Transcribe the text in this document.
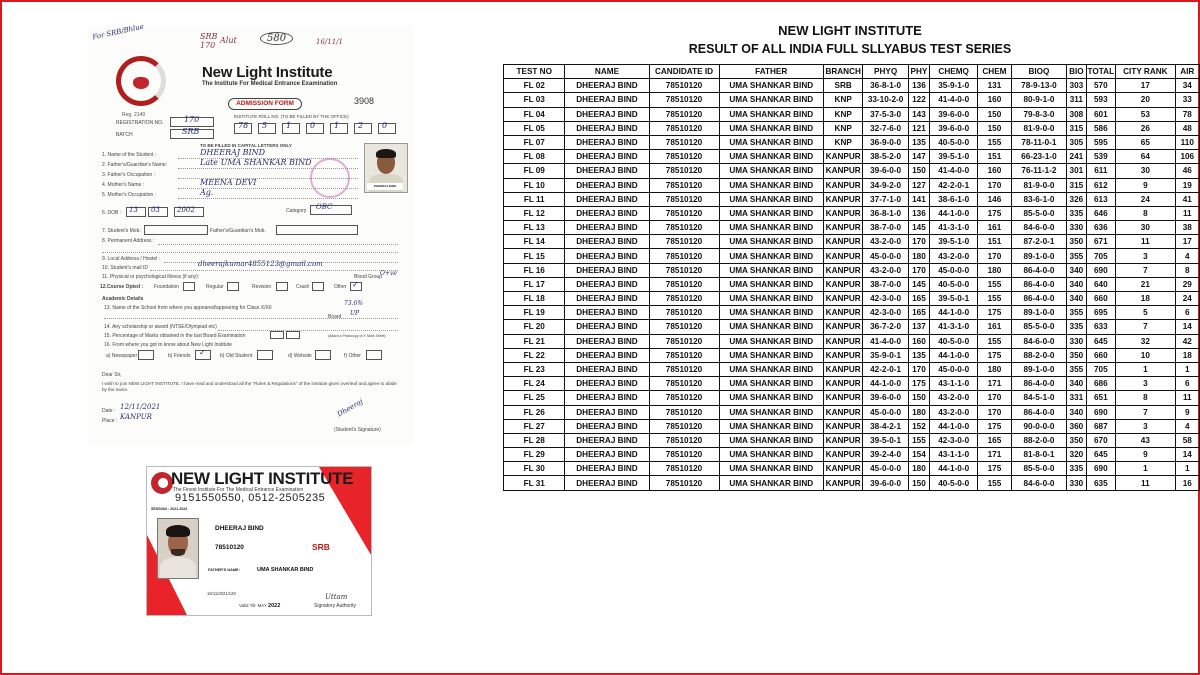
For SRB/Bhlue	SRB
170
Alut	580	16/11/1
Reg. 2149
New Light Institute
The Institute For Medical Entrance Examination
ADMISSION FORM	3908
REGISTRATION NO.	170
BATCH	SRB
INSTITUTE ROLL NO. (TO BE FILLED BY THE OFFICE)
78 5 1 0 1 2 0
TO BE FILLED IN CAPITAL LETTERS ONLY
1. Name of the Student :	DHEERAJ BIND
2. Father's/Guardian's Name:	Late UMA SHANKAR BIND
3. Father's Occupation :
4. Mother's Name :	MEENA DEVI
5. Mother's Occupation :	Ag.
DHEERAJ BIND
6. DOB : 13 03 2002	Category OBC
7. Student's Mob.	Father's/Guardian's Mob.
8. Permanent Address :
9. Local Address / Hostel :
10. Student's mail ID	dheerajkumar4855123@gmail.com
11. Physical or psychological illness (if any):	Blood Group
O+ve
12.Course Opted : Foundation	Regular	Revision	Crash	Other ✓
Academic Details
13. Name of the School from where you appeared/appearing for Class X/XII
73.6%
Board UP
14. Any scholarship or award (NTSE/Olympiad etc)
15. Percentage of Marks obtained in the last Board Examination	(Attach a Photocopy of X' Mark Sheet)
16. From where you got to know about New Light Institute
a) Newspaper	b) Friends ✓	b) Old Student	d) Website	f) Other
Dear Sir,
I wish to join NEW LIGHT INSTITUTE, I have read and understood all the "Rules & Regulations" of the institute given overleaf and agree to abide by the same.
Date : 12/11/2021
Place : KANPUR	Dheeraj
(Student's Signature)
NEW LIGHT INSTITUTE
The Finest Institute For The Medical Entrance Examination
9151550550, 0512-2505235
SESSION : 2021-2022
DHEERAJ BIND
78510120	SRB
FATHER'S NAME:	UMA SHANKAR BIND
16/11/2021/120
Valid Till- MAY 2022
Uttam
Signatory Authority
NEW LIGHT INSTITUTE
RESULT OF ALL INDIA FULL SLLYABUS TEST SERIES
TEST NO	NAME	CANDIDATE ID	FATHER	BRANCH	PHYQ	PHY	CHEMQ	CHEM	BIOQ	BIO	TOTAL	CITY RANK	AIR
FL 02	DHEERAJ BIND	78510120	UMA SHANKAR BIND	SRB	36-8-1-0	136	35-9-1-0	131	78-9-13-0	303	570	17	34
FL 03	DHEERAJ BIND	78510120	UMA SHANKAR BIND	KNP	33-10-2-0	122	41-4-0-0	160	80-9-1-0	311	593	20	33
FL 04	DHEERAJ BIND	78510120	UMA SHANKAR BIND	KNP	37-5-3-0	143	39-6-0-0	150	79-8-3-0	308	601	53	78
FL 05	DHEERAJ BIND	78510120	UMA SHANKAR BIND	KNP	32-7-6-0	121	39-6-0-0	150	81-9-0-0	315	586	26	48
FL 07	DHEERAJ BIND	78510120	UMA SHANKAR BIND	KNP	36-9-0-0	135	40-5-0-0	155	78-11-0-1	305	595	65	110
FL 08	DHEERAJ BIND	78510120	UMA SHANKAR BIND	KANPUR	38-5-2-0	147	39-5-1-0	151	66-23-1-0	241	539	64	106
FL 09	DHEERAJ BIND	78510120	UMA SHANKAR BIND	KANPUR	39-6-0-0	150	41-4-0-0	160	76-11-1-2	301	611	30	46
FL 10	DHEERAJ BIND	78510120	UMA SHANKAR BIND	KANPUR	34-9-2-0	127	42-2-0-1	170	81-9-0-0	315	612	9	19
FL 11	DHEERAJ BIND	78510120	UMA SHANKAR BIND	KANPUR	37-7-1-0	141	38-6-1-0	146	83-6-1-0	326	613	24	41
FL 12	DHEERAJ BIND	78510120	UMA SHANKAR BIND	KANPUR	36-8-1-0	136	44-1-0-0	175	85-5-0-0	335	646	8	11
FL 13	DHEERAJ BIND	78510120	UMA SHANKAR BIND	KANPUR	38-7-0-0	145	41-3-1-0	161	84-6-0-0	330	636	30	38
FL 14	DHEERAJ BIND	78510120	UMA SHANKAR BIND	KANPUR	43-2-0-0	170	39-5-1-0	151	87-2-0-1	350	671	11	17
FL 15	DHEERAJ BIND	78510120	UMA SHANKAR BIND	KANPUR	45-0-0-0	180	43-2-0-0	170	89-1-0-0	355	705	3	4
FL 16	DHEERAJ BIND	78510120	UMA SHANKAR BIND	KANPUR	43-2-0-0	170	45-0-0-0	180	86-4-0-0	340	690	7	8
FL 17	DHEERAJ BIND	78510120	UMA SHANKAR BIND	KANPUR	38-7-0-0	145	40-5-0-0	155	86-4-0-0	340	640	21	29
FL 18	DHEERAJ BIND	78510120	UMA SHANKAR BIND	KANPUR	42-3-0-0	165	39-5-0-1	155	86-4-0-0	340	660	18	24
FL 19	DHEERAJ BIND	78510120	UMA SHANKAR BIND	KANPUR	42-3-0-0	165	44-1-0-0	175	89-1-0-0	355	695	5	6
FL 20	DHEERAJ BIND	78510120	UMA SHANKAR BIND	KANPUR	36-7-2-0	137	41-3-1-0	161	85-5-0-0	335	633	7	14
FL 21	DHEERAJ BIND	78510120	UMA SHANKAR BIND	KANPUR	41-4-0-0	160	40-5-0-0	155	84-6-0-0	330	645	32	42
FL 22	DHEERAJ BIND	78510120	UMA SHANKAR BIND	KANPUR	35-9-0-1	135	44-1-0-0	175	88-2-0-0	350	660	10	18
FL 23	DHEERAJ BIND	78510120	UMA SHANKAR BIND	KANPUR	42-2-0-1	170	45-0-0-0	180	89-1-0-0	355	705	1	1
FL 24	DHEERAJ BIND	78510120	UMA SHANKAR BIND	KANPUR	44-1-0-0	175	43-1-1-0	171	86-4-0-0	340	686	3	6
FL 25	DHEERAJ BIND	78510120	UMA SHANKAR BIND	KANPUR	39-6-0-0	150	43-2-0-0	170	84-5-1-0	331	651	8	11
FL 26	DHEERAJ BIND	78510120	UMA SHANKAR BIND	KANPUR	45-0-0-0	180	43-2-0-0	170	86-4-0-0	340	690	7	9
FL 27	DHEERAJ BIND	78510120	UMA SHANKAR BIND	KANPUR	38-4-2-1	152	44-1-0-0	175	90-0-0-0	360	687	3	4
FL 28	DHEERAJ BIND	78510120	UMA SHANKAR BIND	KANPUR	39-5-0-1	155	42-3-0-0	165	88-2-0-0	350	670	43	58
FL 29	DHEERAJ BIND	78510120	UMA SHANKAR BIND	KANPUR	39-2-4-0	154	43-1-1-0	171	81-8-0-1	320	645	9	14
FL 30	DHEERAJ BIND	78510120	UMA SHANKAR BIND	KANPUR	45-0-0-0	180	44-1-0-0	175	85-5-0-0	335	690	1	1
FL 31	DHEERAJ BIND	78510120	UMA SHANKAR BIND	KANPUR	39-6-0-0	150	40-5-0-0	155	84-6-0-0	330	635	11	16
